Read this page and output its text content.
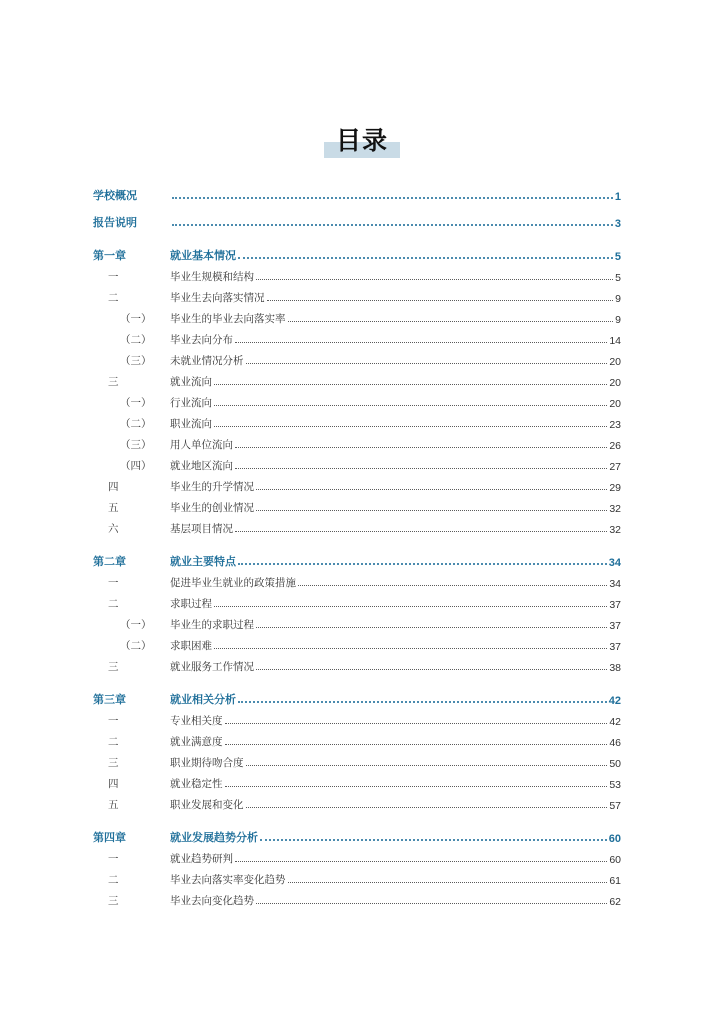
目录
学校概况	1
报告说明	3
第一章	就业基本情况	5
一	毕业生规模和结构	5
二	毕业生去向落实情况	9
（一）	毕业生的毕业去向落实率	9
（二）	毕业去向分布	14
（三）	未就业情况分析	20
三	就业流向	20
（一）	行业流向	20
（二）	职业流向	23
（三）	用人单位流向	26
（四）	就业地区流向	27
四	毕业生的升学情况	29
五	毕业生的创业情况	32
六	基层项目情况	32
第二章	就业主要特点	34
一	促进毕业生就业的政策措施	34
二	求职过程	37
（一）	毕业生的求职过程	37
（二）	求职困难	37
三	就业服务工作情况	38
第三章	就业相关分析	42
一	专业相关度	42
二	就业满意度	46
三	职业期待吻合度	50
四	就业稳定性	53
五	职业发展和变化	57
第四章	就业发展趋势分析	60
一	就业趋势研判	60
二	毕业去向落实率变化趋势	61
三	毕业去向变化趋势	62
